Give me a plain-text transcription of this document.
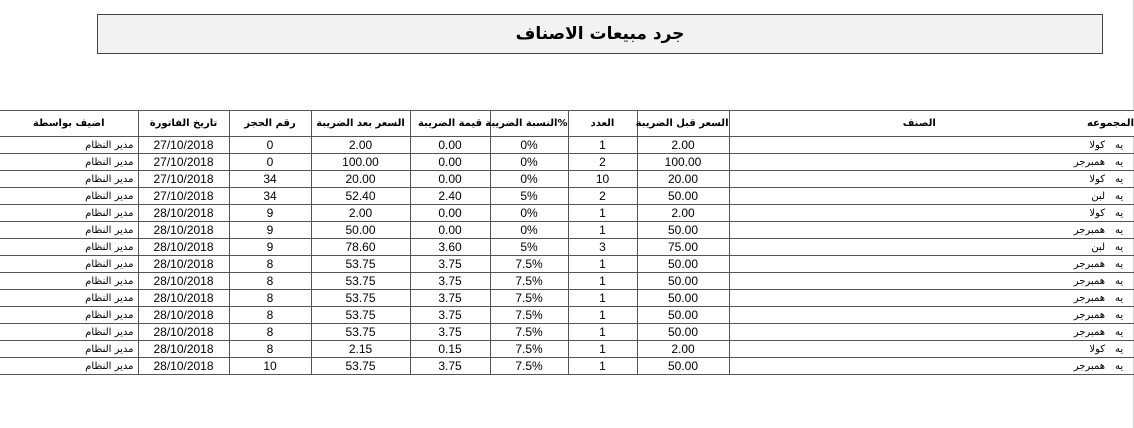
جرد مبيعات الاصناف
اضيف بواسطة	تاريخ الفاتورة	رقم الحجز	السعر بعد الضريبة	قيمة الضريبة	%النسبة الضريبة	العدد	السعر قبل الضريبة	الصنف	المجموعه
مدير النظام	27/10/2018	0	2.00	0.00	0%	1	2.00	كولا	يه
مدير النظام	27/10/2018	0	100.00	0.00	0%	2	100.00	همبرجر	يه
مدير النظام	27/10/2018	34	20.00	0.00	0%	10	20.00	كولا	يه
مدير النظام	27/10/2018	34	52.40	2.40	5%	2	50.00	لبن	يه
مدير النظام	28/10/2018	9	2.00	0.00	0%	1	2.00	كولا	يه
مدير النظام	28/10/2018	9	50.00	0.00	0%	1	50.00	همبرجر	يه
مدير النظام	28/10/2018	9	78.60	3.60	5%	3	75.00	لبن	يه
مدير النظام	28/10/2018	8	53.75	3.75	7.5%	1	50.00	همبرجر	يه
مدير النظام	28/10/2018	8	53.75	3.75	7.5%	1	50.00	همبرجر	يه
مدير النظام	28/10/2018	8	53.75	3.75	7.5%	1	50.00	همبرجر	يه
مدير النظام	28/10/2018	8	53.75	3.75	7.5%	1	50.00	همبرجر	يه
مدير النظام	28/10/2018	8	53.75	3.75	7.5%	1	50.00	همبرجر	يه
مدير النظام	28/10/2018	8	2.15	0.15	7.5%	1	2.00	كولا	يه
مدير النظام	28/10/2018	10	53.75	3.75	7.5%	1	50.00	همبرجر	يه
